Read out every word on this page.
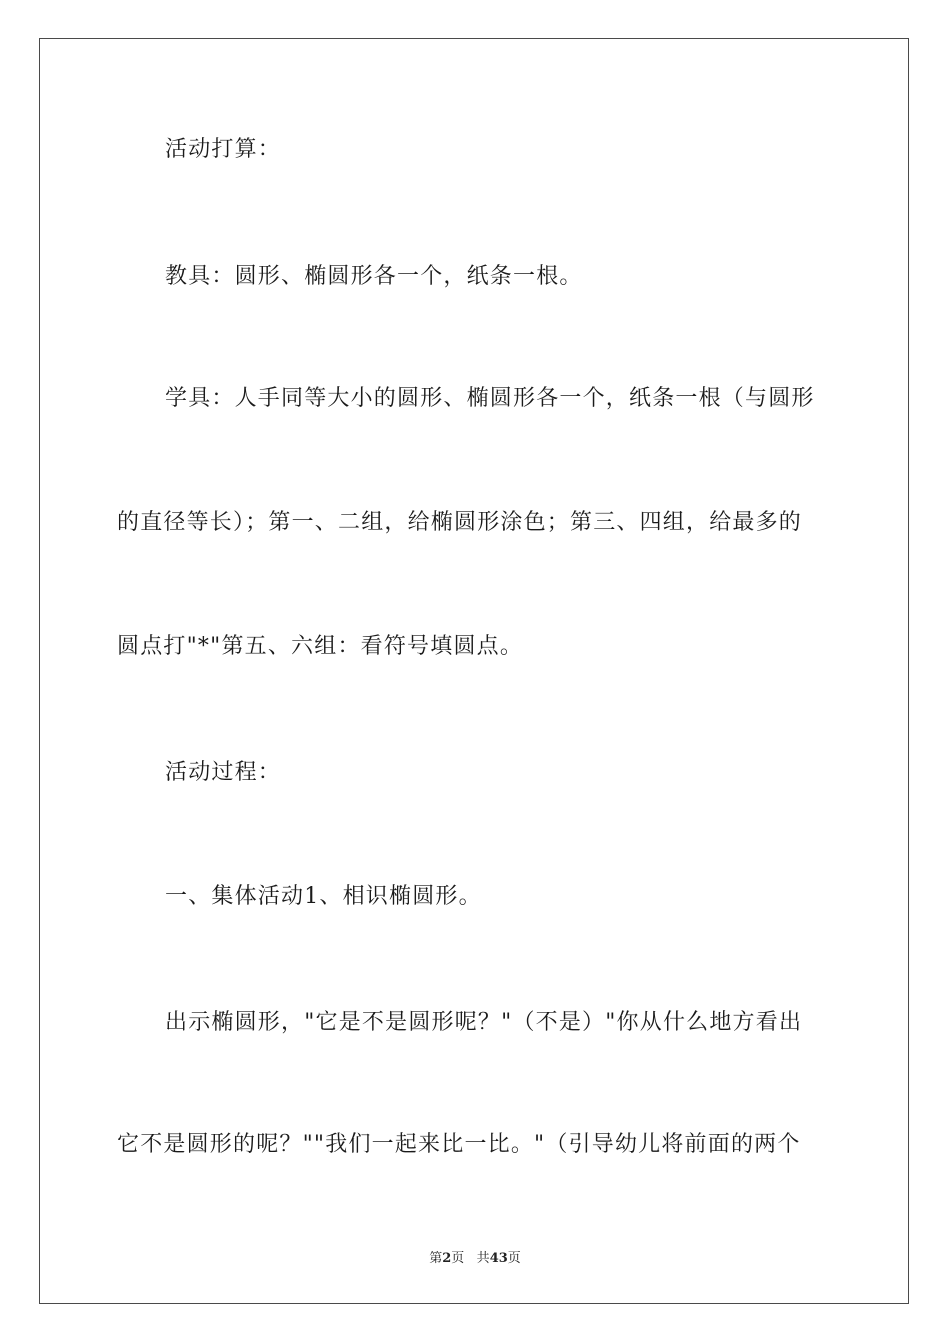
活动打算：
教具：圆形、椭圆形各一个，纸条一根。
学具：人手同等大小的圆形、椭圆形各一个，纸条一根（与圆形
的直径等长）；第一、二组，给椭圆形涂色；第三、四组，给最多的
圆点打"*"第五、六组：看符号填圆点。
活动过程：
一、集体活动1、相识椭圆形。
出示椭圆形，"它是不是圆形呢？"（不是）"你从什么地方看出
它不是圆形的呢？""我们一起来比一比。"（引导幼儿将前面的两个
第2页 共43页
